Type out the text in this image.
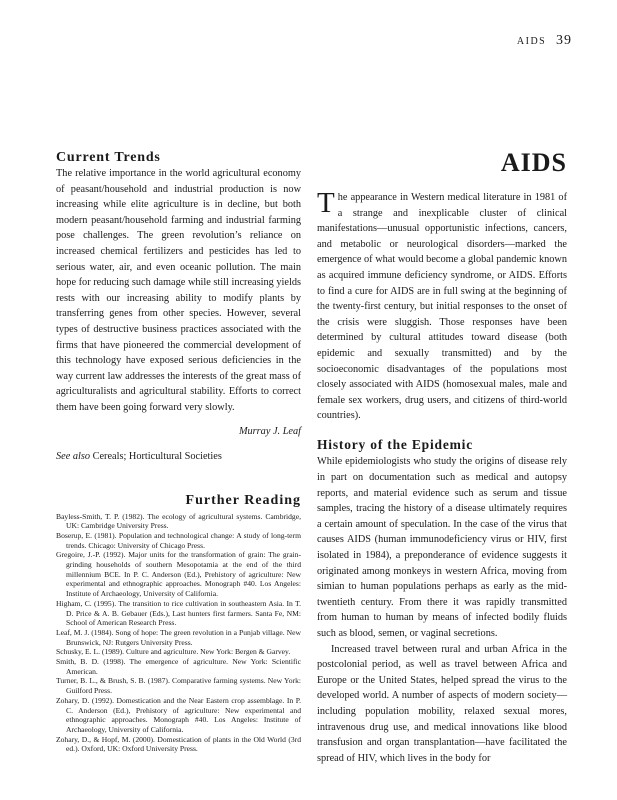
AIDS 39
Current Trends

The relative importance in the world agricultural economy of peasant/household and industrial production is now increasing while elite agriculture is in decline, but both modern peasant/household farming and industrial farming pose challenges. The green revolution’s reliance on increased chemical fertilizers and pesticides has led to serious water, air, and even oceanic pollution. The main hope for reducing such damage while still increasing yields rests with our increasing ability to modify plants by transferring genes from other species. However, several types of destructive business practices associated with the firms that have pioneered the commercial development of this technology have exposed serious deficiencies in the way current law addresses the interests of the great mass of agriculturalists and agricultural stability. Efforts to correct them have been going forward very slowly.

Murray J. Leaf
See also Cereals; Horticultural Societies
Further Reading

Bayless-Smith, T. P. (1982). The ecology of agricultural systems. Cambridge, UK: Cambridge University Press.

Boserup, E. (1981). Population and technological change: A study of long-term trends. Chicago: University of Chicago Press.

Gregoire, J.-P. (1992). Major units for the transformation of grain: The grain-grinding households of southern Mesopotamia at the end of the third millennium BCE. In P. C. Anderson (Ed.), Prehistory of agriculture: New experimental and ethnographic approaches. Monograph #40. Los Angeles: Institute of Archaeology, University of California.

Higham, C. (1995). The transition to rice cultivation in southeastern Asia. In T. D. Price & A. B. Gebauer (Eds.), Last hunters first farmers. Santa Fe, NM: School of American Research Press.

Leaf, M. J. (1984). Song of hope: The green revolution in a Punjab village. New Brunswick, NJ: Rutgers University Press.

Schusky, E. L. (1989). Culture and agriculture. New York: Bergen & Garvey.

Smith, B. D. (1998). The emergence of agriculture. New York: Scientific American.

Turner, B. L., & Brush, S. B. (1987). Comparative farming systems. New York: Guilford Press.

Zohary, D. (1992). Domestication and the Near Eastern crop assemblage. In P. C. Anderson (Ed.), Prehistory of agriculture: New experimental and ethnographic approaches. Monograph #40. Los Angeles: Institute of Archaeology, University of California.

Zohary, D., & Hopf, M. (2000). Domestication of plants in the Old World (3rd ed.). Oxford, UK: Oxford University Press.

AIDS

The appearance in Western medical literature in 1981 of a strange and inexplicable cluster of clinical manifestations—unusual opportunistic infections, cancers, and metabolic or neurological disorders—marked the emergence of what would become a global pandemic known as acquired immune deficiency syndrome, or AIDS. Efforts to find a cure for AIDS are in full swing at the beginning of the twenty-first century, but initial responses to the onset of the crisis were sluggish. Those responses have been determined by cultural attitudes toward disease (both epidemic and sexually transmitted) and by the socioeconomic disadvantages of the populations most closely associated with AIDS (homosexual males, male and female sex workers, drug users, and citizens of third-world countries).

History of the Epidemic

While epidemiologists who study the origins of disease rely in part on documentation such as medical and autopsy reports, and material evidence such as serum and tissue samples, tracing the history of a disease ultimately requires a certain amount of speculation. In the case of the virus that causes AIDS (human immunodeficiency virus or HIV, first isolated in 1984), a preponderance of evidence suggests it originated among monkeys in western Africa, moving from simian to human populations perhaps as early as the mid-twentieth century. From there it was rapidly transmitted from human to human by means of infected bodily fluids such as blood, semen, or vaginal secretions.

Increased travel between rural and urban Africa in the postcolonial period, as well as travel between Africa and Europe or the United States, helped spread the virus to the developed world. A number of aspects of modern society—including population mobility, relaxed sexual mores, intravenous drug use, and medical innovations like blood transfusion and organ transplantation—have facilitated the spread of HIV, which lives in the body for
